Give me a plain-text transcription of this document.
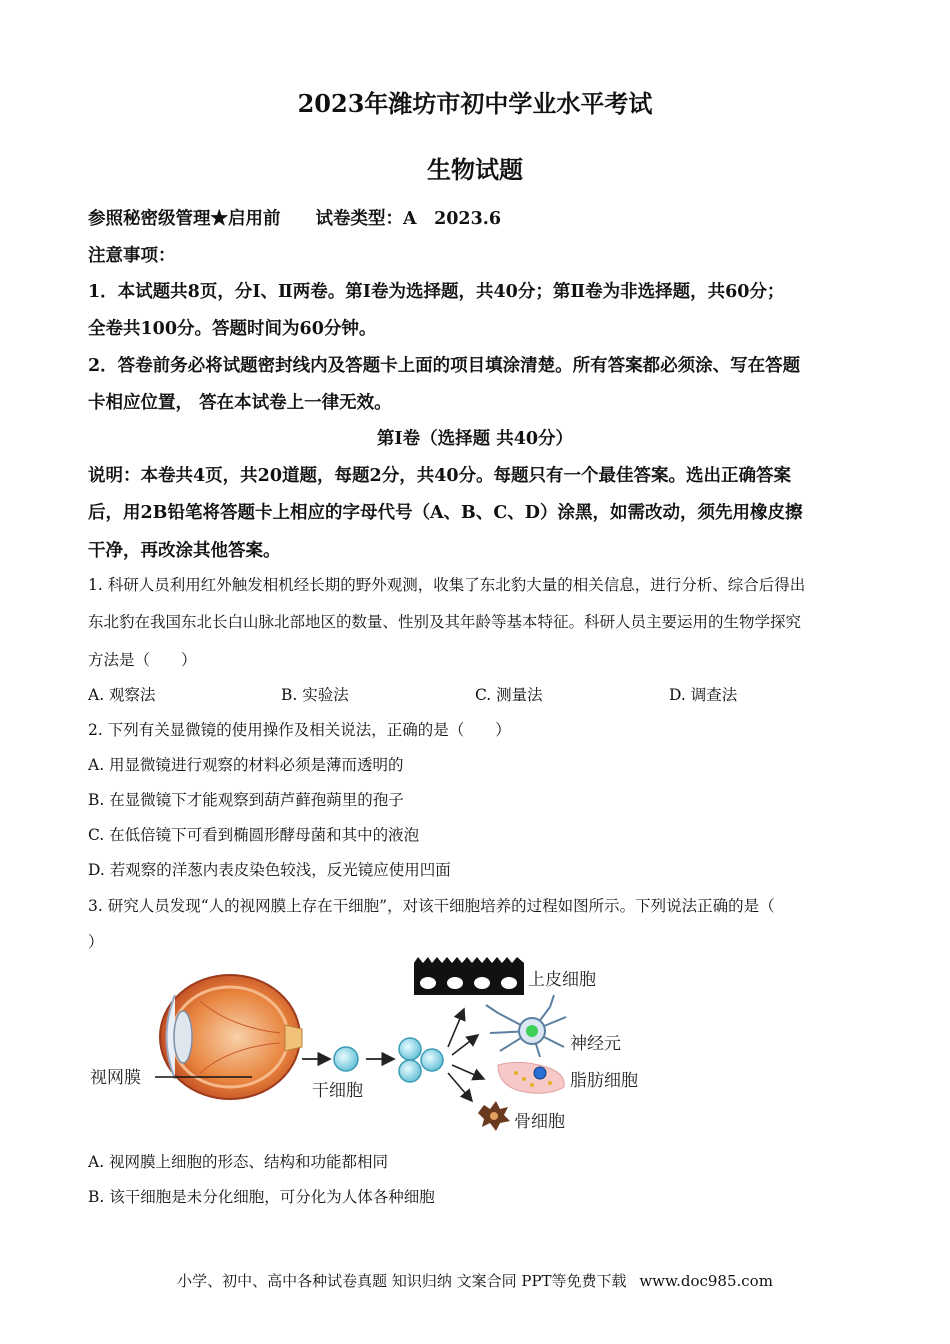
2023年潍坊市初中学业水平考试
生物试题
参照秘密级管理★启用前　　试卷类型：A　2023.6
注意事项：
1．本试题共8页，分Ⅰ、Ⅱ两卷。第Ⅰ卷为选择题，共40分；第Ⅱ卷为非选择题，共60分；
全卷共100分。答题时间为60分钟。
2．答卷前务必将试题密封线内及答题卡上面的项目填涂清楚。所有答案都必须涂、写在答题
卡相应位置， 答在本试卷上一律无效。
第Ⅰ卷（选择题 共40分）
说明：本卷共4页，共20道题，每题2分，共40分。每题只有一个最佳答案。选出正确答案
后，用2B铅笔将答题卡上相应的字母代号（A、B、C、D）涂黑，如需改动，须先用橡皮擦
干净，再改涂其他答案。
1. 科研人员利用红外触发相机经长期的野外观测，收集了东北豹大量的相关信息，进行分析、综合后得出
东北豹在我国东北长白山脉北部地区的数量、性别及其年龄等基本特征。科研人员主要运用的生物学探究
方法是（　　）
A. 观察法	B. 实验法	C. 测量法	D. 调查法
2. 下列有关显微镜的使用操作及相关说法，正确的是（　　）
A. 用显微镜进行观察的材料必须是薄而透明的
B. 在显微镜下才能观察到葫芦藓孢蒴里的孢子
C. 在低倍镜下可看到椭圆形酵母菌和其中的液泡
D. 若观察的洋葱内表皮染色较浅，反光镜应使用凹面
3. 研究人员发现“人的视网膜上存在干细胞”，对该干细胞培养的过程如图所示。下列说法正确的是（
）
视网膜
干细胞
上皮细胞
神经元
脂肪细胞
骨细胞
A. 视网膜上细胞的形态、结构和功能都相同
B. 该干细胞是未分化细胞，可分化为人体各种细胞
小学、初中、高中各种试卷真题 知识归纳 文案合同 PPT等免费下载 www.doc985.com
